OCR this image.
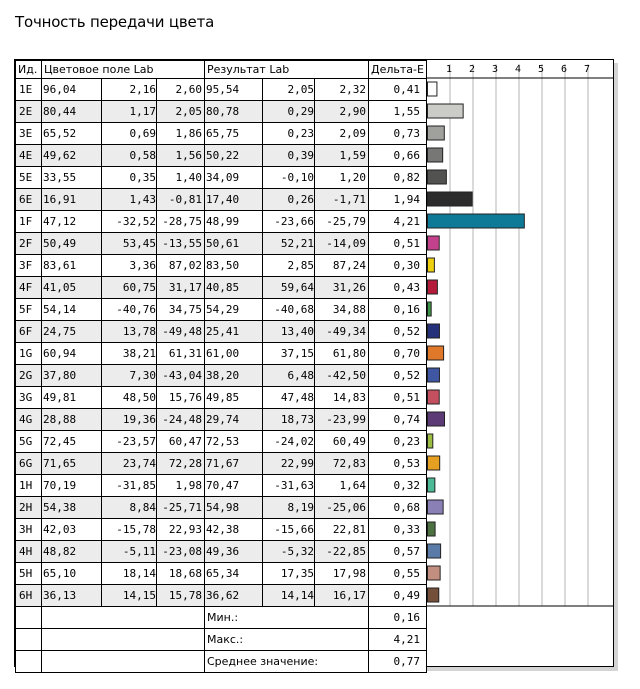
Точность передачи цвета
Ид.	Цветовое поле Lab			Результат Lab			Дельта-E
1E	96,04	2,16	2,60	95,54	2,05	2,32	0,41
2E	80,44	1,17	2,05	80,78	0,29	2,90	1,55
3E	65,52	0,69	1,86	65,75	0,23	2,09	0,73
4E	49,62	0,58	1,56	50,22	0,39	1,59	0,66
5E	33,55	0,35	1,40	34,09	-0,10	1,20	0,82
6E	16,91	1,43	-0,81	17,40	0,26	-1,71	1,94
1F	47,12	-32,52	-28,75	48,99	-23,66	-25,79	4,21
2F	50,49	53,45	-13,55	50,61	52,21	-14,09	0,51
3F	83,61	3,36	87,02	83,50	2,85	87,24	0,30
4F	41,05	60,75	31,17	40,85	59,64	31,26	0,43
5F	54,14	-40,76	34,75	54,29	-40,68	34,88	0,16
6F	24,75	13,78	-49,48	25,41	13,40	-49,34	0,52
1G	60,94	38,21	61,31	61,00	37,15	61,80	0,70
2G	37,80	7,30	-43,04	38,20	6,48	-42,50	0,52
3G	49,81	48,50	15,76	49,85	47,48	14,83	0,51
4G	28,88	19,36	-24,48	29,74	18,73	-23,99	0,74
5G	72,45	-23,57	60,47	72,53	-24,02	60,49	0,23
6G	71,65	23,74	72,28	71,67	22,99	72,83	0,53
1H	70,19	-31,85	1,98	70,47	-31,63	1,64	0,32
2H	54,38	8,84	-25,71	54,98	8,19	-25,06	0,68
3H	42,03	-15,78	22,93	42,38	-15,66	22,81	0,33
4H	48,82	-5,11	-23,08	49,36	-5,32	-22,85	0,57
5H	65,10	18,14	18,68	65,34	17,35	17,98	0,55
6H	36,13	14,15	15,78	36,62	14,14	16,17	0,49
				Мин.:			0,16
				Макс.:			4,21
				Среднее значение:			0,77
1 2 3 4 5 6 7
